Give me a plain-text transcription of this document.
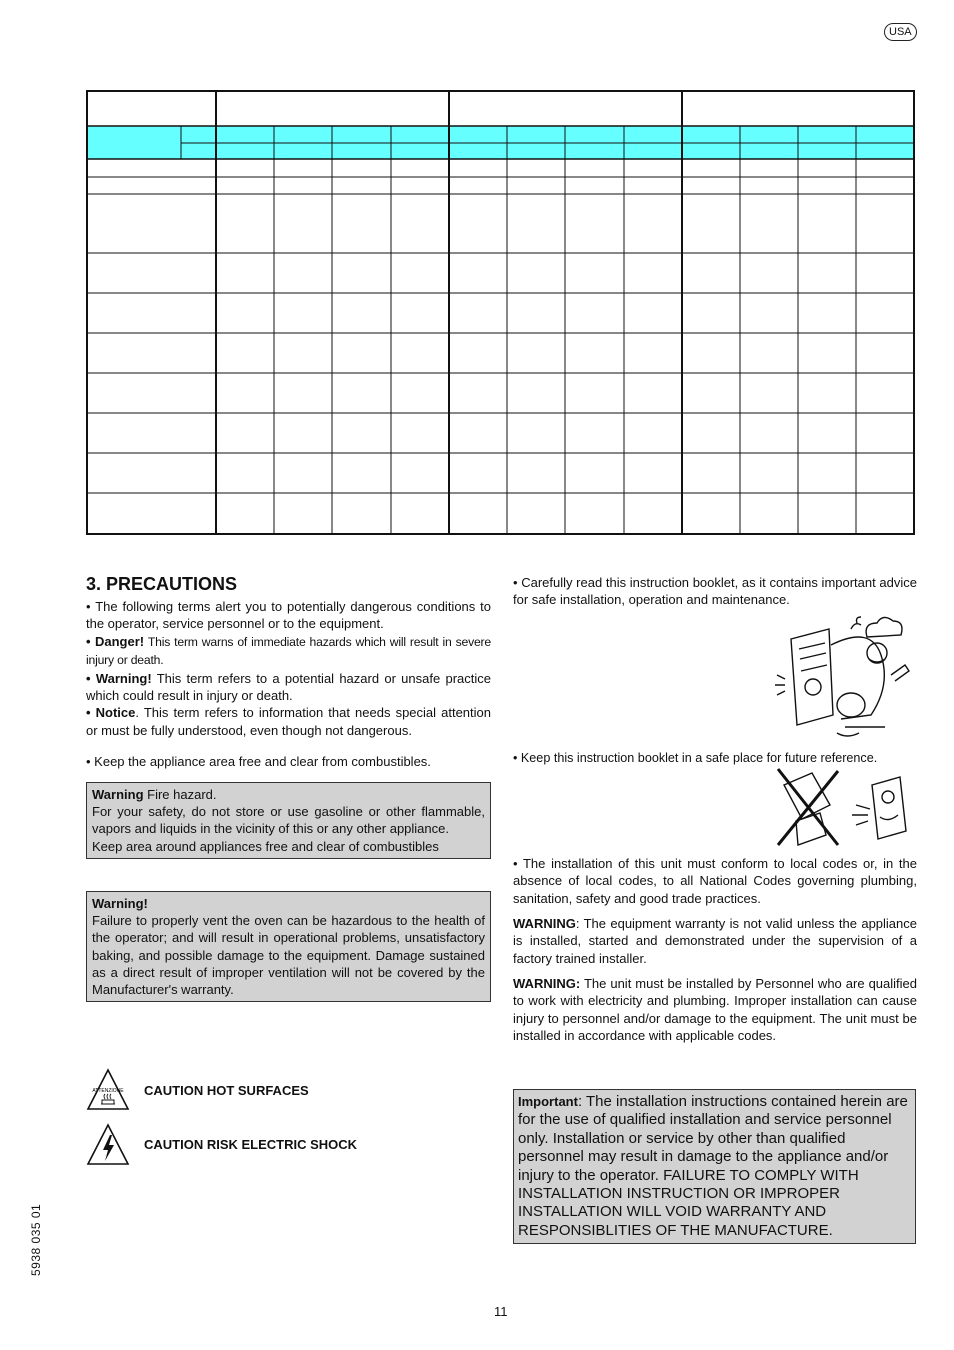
USA
3. PRECAUTIONS

• The following terms alert you to potentially dangerous conditions to the operator, service personnel or to the equipment.

• Danger! This term warns of immediate hazards which will result in severe injury or death.

• Warning! This term refers to a potential hazard or unsafe practice which could result in injury or death.

• Notice. This term refers to information that needs special attention or must be fully understood, even though not dangerous.

• Keep the appliance area free and clear from combustibles.

Warning Fire hazard.

For your safety, do not store or use gasoline or other flammable, vapors and liquids in the vicinity of this or any other appliance.

Keep area around appliances free and clear of combustibles

Warning!

Failure to properly vent the oven can be hazardous to the health of the operator; and will result in operational problems, unsatisfactory baking, and possible damage to the equipment. Damage sustained as a direct result of improper ventilation will not be covered by the Manufacturer's warranty.

ATTENZIONE CAUTION HOT SURFACES
CAUTION RISK ELECTRIC SHOCK
5938 035 01
• Carefully read this instruction booklet, as it contains important advice for safe installation, operation and maintenance.
• Keep this instruction booklet in a safe place for future reference.
• The installation of this unit must conform to local codes or, in the absence of local codes, to all National Codes governing plumbing, sanitation, safety and good trade practices.
WARNING: The equipment warranty is not valid unless the appliance is installed, started and demonstrated under the supervision of a factory trained installer.
WARNING: The unit must be installed by Personnel who are qualified to work with electricity and plumbing. Improper installation can cause injury to personnel and/or damage to the equipment. The unit must be installed in accordance with applicable codes.
Important: The installation instructions contained herein are for the use of qualified installation and service personnel only. Installation or service by other than qualified personnel may result in damage to the appliance and/or injury to the operator. FAILURE TO COMPLY WITH INSTALLATION INSTRUCTION OR IMPROPER INSTALLATION WILL VOID WARRANTY AND RESPONSIBLITIES OF THE MANUFACTURE.
11
